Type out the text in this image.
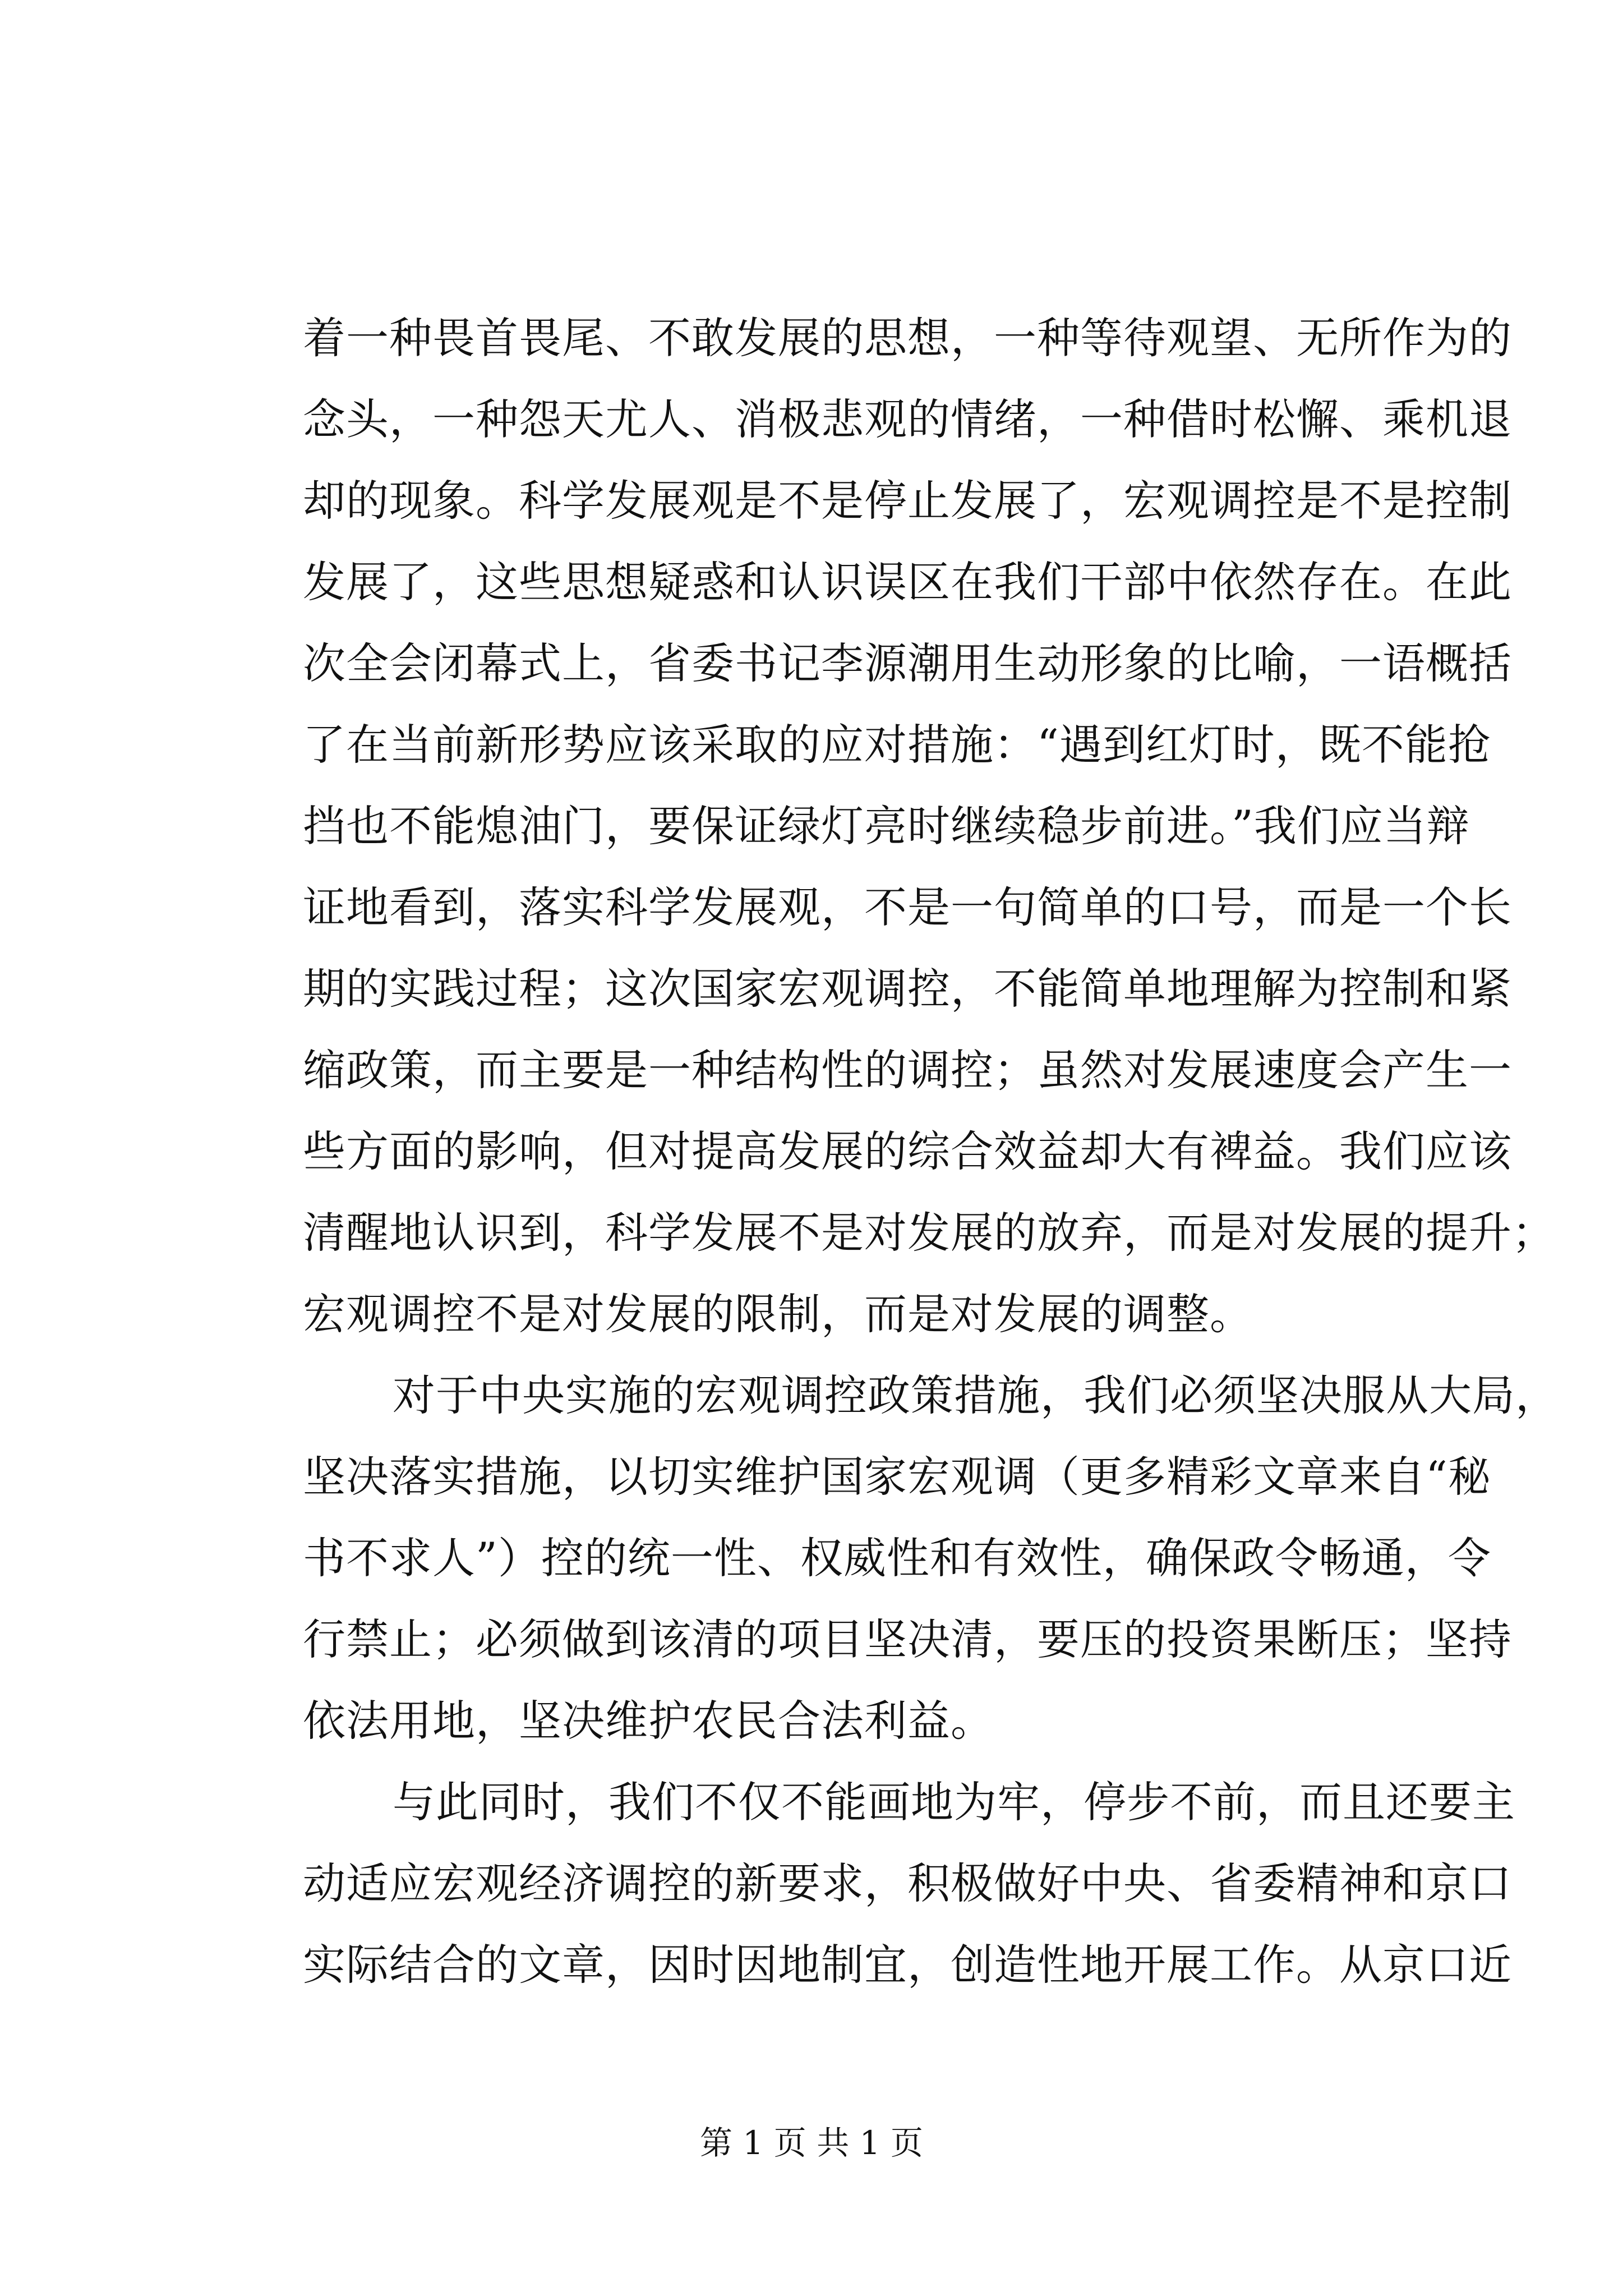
着一种畏首畏尾、不敢发展的思想，一种等待观望、无所作为的
念头，一种怨天尤人、消极悲观的情绪，一种借时松懈、乘机退
却的现象。科学发展观是不是停止发展了，宏观调控是不是控制
发展了，这些思想疑惑和认识误区在我们干部中依然存在。在此
次全会闭幕式上，省委书记李源潮用生动形象的比喻，一语概括
了在当前新形势应该采取的应对措施：“遇到红灯时，既不能抢
挡也不能熄油门，要保证绿灯亮时继续稳步前进。”我们应当辩
证地看到，落实科学发展观，不是一句简单的口号，而是一个长
期的实践过程；这次国家宏观调控，不能简单地理解为控制和紧
缩政策，而主要是一种结构性的调控；虽然对发展速度会产生一
些方面的影响，但对提高发展的综合效益却大有裨益。我们应该
清醒地认识到，科学发展不是对发展的放弃，而是对发展的提升；
宏观调控不是对发展的限制，而是对发展的调整。
对于中央实施的宏观调控政策措施，我们必须坚决服从大局，
坚决落实措施，以切实维护国家宏观调（更多精彩文章来自“秘
书不求人”）控的统一性、权威性和有效性，确保政令畅通，令
行禁止；必须做到该清的项目坚决清，要压的投资果断压；坚持
依法用地，坚决维护农民合法利益。
与此同时，我们不仅不能画地为牢，停步不前，而且还要主
动适应宏观经济调控的新要求，积极做好中央、省委精神和京口
实际结合的文章，因时因地制宜，创造性地开展工作。从京口近
第 1 页 共 1 页
